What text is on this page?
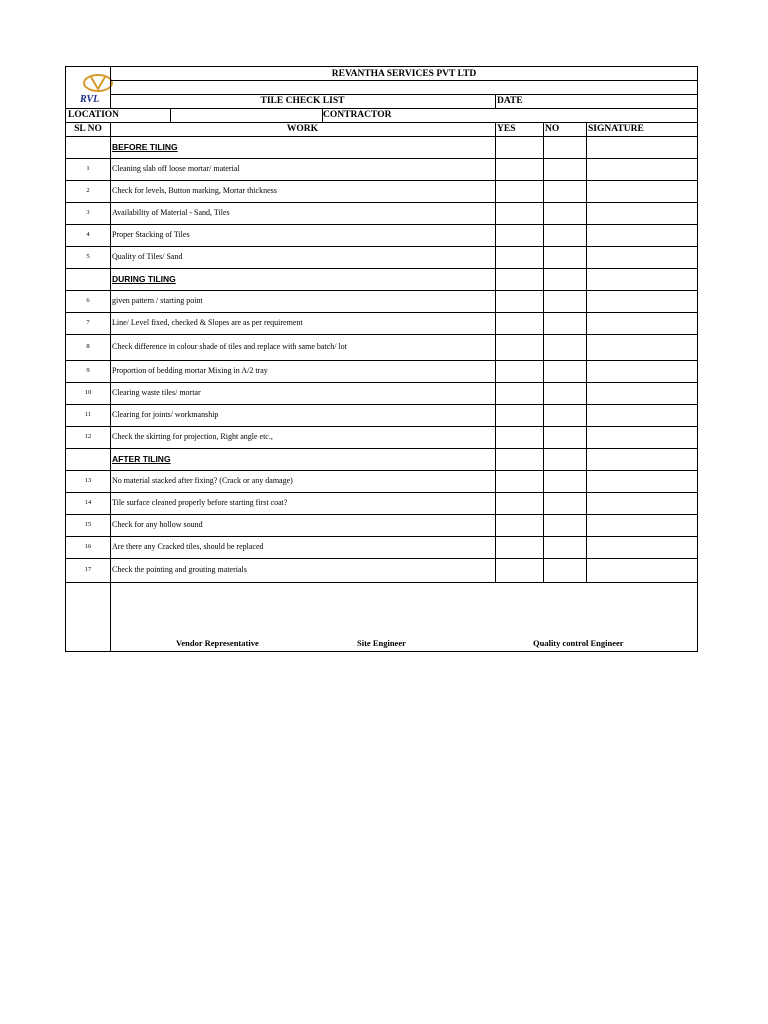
RVL
REVANTHA SERVICES PVT LTD
TILE CHECK LIST	DATE
LOCATION	CONTRACTOR
SL NO	WORK	YES	NO	SIGNATURE
BEFORE TILING
1	Cleaning slab off loose mortar/ material
2	Check for levels, Button marking, Mortar thickness
3	Availability of Material - Sand, Tiles
4	Proper Stacking of Tiles
5	Quality of Tiles/ Sand
DURING TILING
6	given pattern / starting point
7	Line/ Level fixed, checked & Slopes are as per requirement
8	Check difference in colour shade of tiles and replace with same batch/ lot
9	Proportion of bedding mortar Mixing in A/2 tray
10	Clearing waste tiles/ mortar
11	Clearing for joints/ workmanship
12	Check the skirting for projection, Right angle etc.,
AFTER TILING
13	No material stacked after fixing? (Crack or any damage)
14	Tile surface cleaned properly before starting first coat?
15	Check for any hollow sound
16	Are there any Cracked tiles, should be replaced
17	Check the pointing and grouting materials
Vendor Representative	Site Engineer	Quality control Engineer
